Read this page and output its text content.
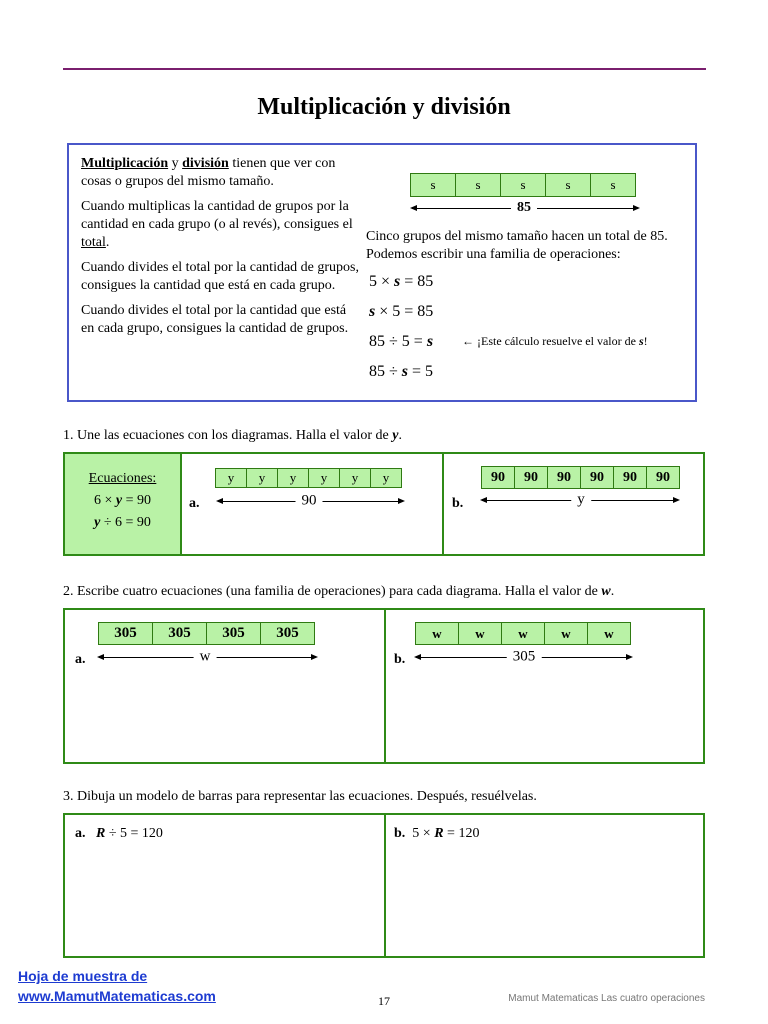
Multiplicación y división

Multiplicación y división tienen que ver con cosas o grupos del mismo tamaño.

Cuando multiplicas la cantidad de grupos por la cantidad en cada grupo (o al revés), consigues el total.

Cuando divides el total por la cantidad de grupos, consigues la cantidad que está en cada grupo.

Cuando divides el total por la cantidad que está en cada grupo, consigues la cantidad de grupos.

s	s	s	s	s
85
Cinco grupos del mismo tamaño hacen un total de 85.
Podemos escribir una familia de operaciones:
5 × s = 85
s × 5 = 85
85 ÷ 5 = s
85 ÷ s = 5
← ¡Este cálculo resuelve el valor de s!
1. Une las ecuaciones con los diagramas. Halla el valor de y.
Ecuaciones:
6 × y = 90
y ÷ 6 = 90
a.
y	y	y	y	y	y
90	b.
90	90	90	90	90	90
y
2. Escribe cuatro ecuaciones (una familia de operaciones) para cada diagrama. Halla el valor de w.
305	305	305	305
a.	w
w	w	w	w	w
b.	305
3. Dibuja un modelo de barras para representar las ecuaciones. Después, resuélvelas.
a. R ÷ 5 = 120	b.  5 × R = 120
Hoja de muestra de
www.MamutMatematicas.com	17	Mamut Matematicas Las cuatro operaciones
